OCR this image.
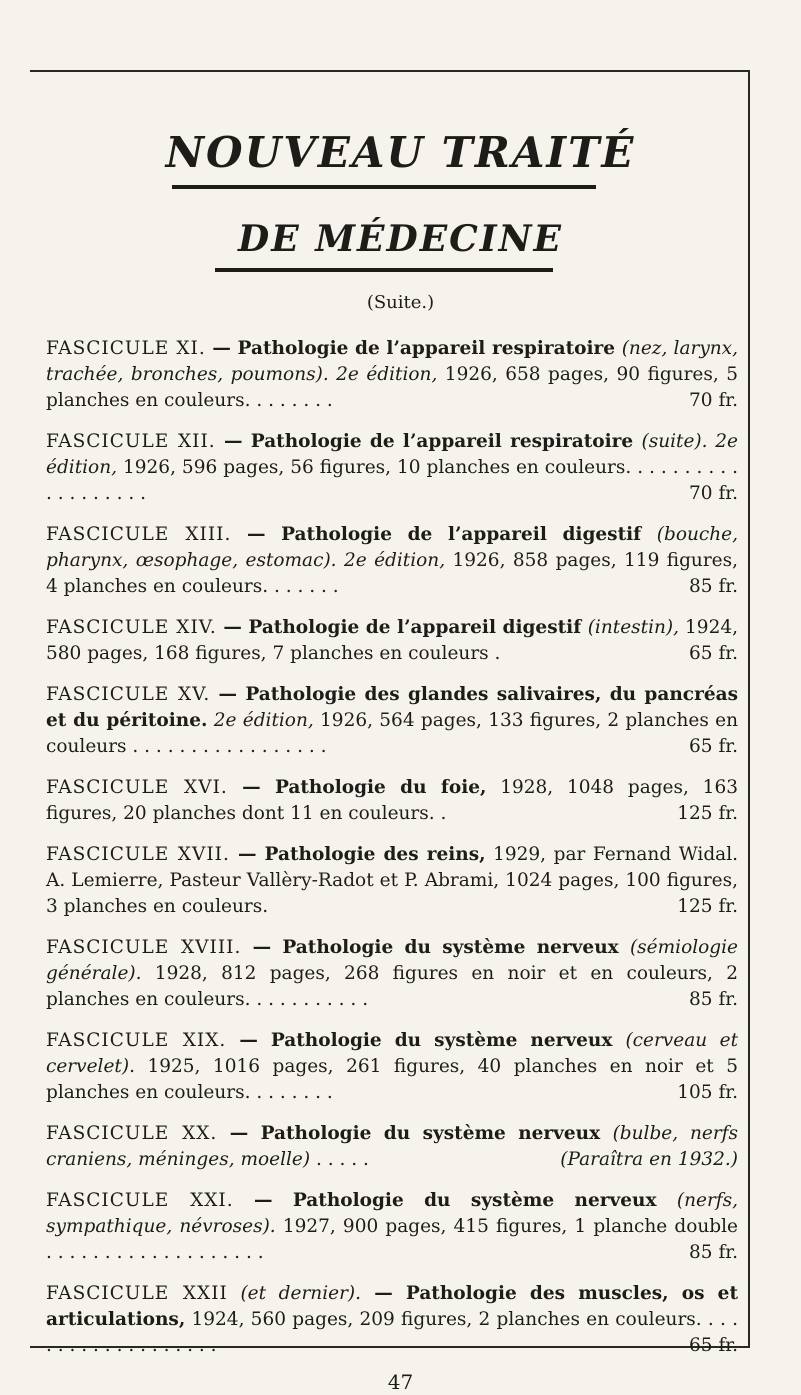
NOUVEAU TRAITÉ
DE MÉDECINE
(Suite.)
FASCICULE XI. — Pathologie de l’appareil respiratoire (nez, larynx, trachée, bronches, poumons). 2e édition, 1926, 658 pages, 90 figures, 5 planches en couleurs. . . . . . . .	70 fr.
FASCICULE XII. — Pathologie de l’appareil respiratoire (suite). 2e édition, 1926, 596 pages, 56 figures, 10 planches en couleurs. . . . . . . . . . . . . . . . . . .	70 fr.
FASCICULE XIII. — Pathologie de l’appareil digestif (bouche, pharynx, œsophage, estomac). 2e édition, 1926, 858 pages, 119 figures, 4 planches en couleurs. . . . . . .	85 fr.
FASCICULE XIV. — Pathologie de l’appareil digestif (intestin), 1924, 580 pages, 168 figures, 7 planches en couleurs .	65 fr.
FASCICULE XV. — Pathologie des glandes salivaires, du pancréas et du péritoine. 2e édition, 1926, 564 pages, 133 figures, 2 planches en couleurs . . . . . . . . . . . . . . . . .	65 fr.
FASCICULE XVI. — Pathologie du foie, 1928, 1048 pages, 163 figures, 20 planches dont 11 en couleurs. .	125 fr.
FASCICULE XVII. — Pathologie des reins, 1929, par Fernand Widal. A. Lemierre, Pasteur Vallèry-Radot et P. Abrami, 1024 pages, 100 figures, 3 planches en couleurs.	125 fr.
FASCICULE XVIII. — Pathologie du système nerveux (sémiologie générale). 1928, 812 pages, 268 figures en noir et en couleurs, 2 planches en couleurs. . . . . . . . . . .	85 fr.
FASCICULE XIX. — Pathologie du système nerveux (cerveau et cervelet). 1925, 1016 pages, 261 figures, 40 planches en noir et 5 planches en couleurs. . . . . . . .	105 fr.
FASCICULE XX. — Pathologie du système nerveux (bulbe, nerfs craniens, méninges, moelle) . . . . .	(Paraîtra en 1932.)
FASCICULE XXI. — Pathologie du système nerveux (nerfs, sympathique, névroses). 1927, 900 pages, 415 figures, 1 planche double . . . . . . . . . . . . . . . . . . .	85 fr.
FASCICULE XXII (et dernier). — Pathologie des muscles, os et articulations, 1924, 560 pages, 209 figures, 2 planches en couleurs. . . . . . . . . . . . . . . . . . .	65 fr.
47
